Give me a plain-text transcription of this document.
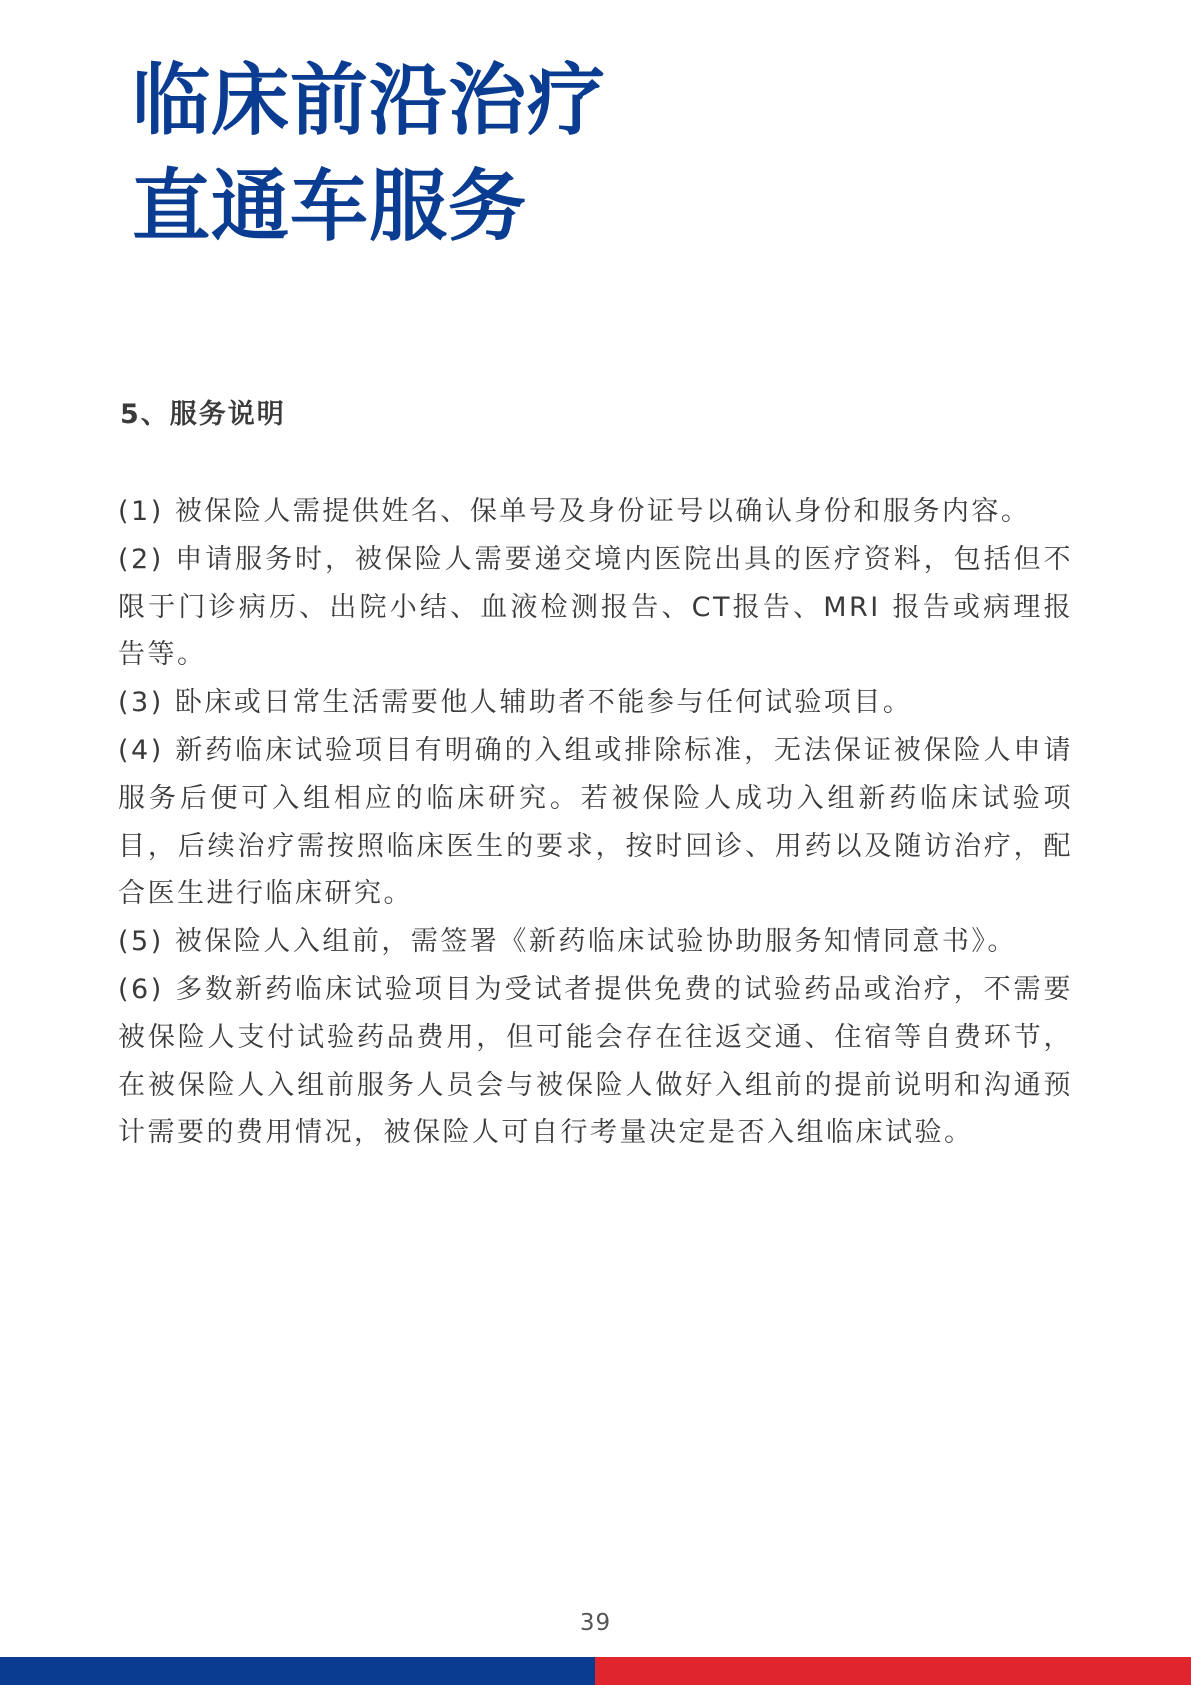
临床前沿治疗
直通车服务
5、服务说明

(1) 被保险人需提供姓名、保单号及身份证号以确认身份和服务内容。

(2) 申请服务时，被保险人需要递交境内医院出具的医疗资料，包括但不限于门诊病历、出院小结、血液检测报告、CT报告、MRI 报告或病理报告等。

(3) 卧床或日常生活需要他人辅助者不能参与任何试验项目。

(4) 新药临床试验项目有明确的入组或排除标准，无法保证被保险人申请服务后便可入组相应的临床研究。若被保险人成功入组新药临床试验项目，后续治疗需按照临床医生的要求，按时回诊、用药以及随访治疗，配合医生进行临床研究。

(5) 被保险人入组前，需签署《新药临床试验协助服务知情同意书》。

(6) 多数新药临床试验项目为受试者提供免费的试验药品或治疗，不需要被保险人支付试验药品费用，但可能会存在往返交通、住宿等自费环节，在被保险人入组前服务人员会与被保险人做好入组前的提前说明和沟通预计需要的费用情况，被保险人可自行考量决定是否入组临床试验。

39
